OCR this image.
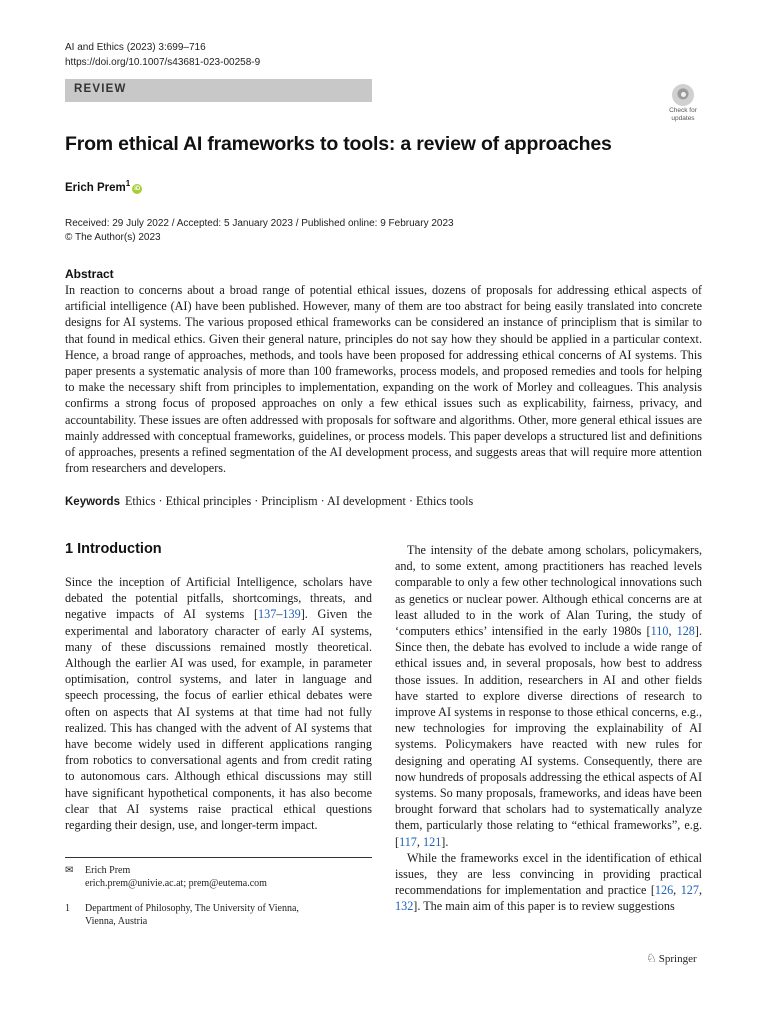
AI and Ethics (2023) 3:699–716
https://doi.org/10.1007/s43681-023-00258-9
REVIEW
Check for
updates
From ethical AI frameworks to tools: a review of approaches
Erich Prem$^1$iD
Received: 29 July 2022 / Accepted: 5 January 2023 / Published online: 9 February 2023
© The Author(s) 2023
Abstract
In reaction to concerns about a broad range of potential ethical issues, dozens of proposals for addressing ethical aspects of artificial intelligence (AI) have been published. However, many of them are too abstract for being easily translated into concrete designs for AI systems. The various proposed ethical frameworks can be considered an instance of principlism that is similar to that found in medical ethics. Given their general nature, principles do not say how they should be applied in a particular context. Hence, a broad range of approaches, methods, and tools have been proposed for addressing ethical concerns of AI systems. This paper presents a systematic analysis of more than 100 frameworks, process models, and proposed remedies and tools for helping to make the necessary shift from principles to implementation, expanding on the work of Morley and colleagues. This analysis confirms a strong focus of proposed approaches on only a few ethical issues such as explicability, fairness, privacy, and accountability. These issues are often addressed with proposals for software and algorithms. Other, more general ethical issues are mainly addressed with conceptual frameworks, guidelines, or process models. This paper develops a structured list and definitions of approaches, presents a refined segmentation of the AI development process, and suggests areas that will require more attention from researchers and developers.
Keywords Ethics · Ethical principles · Principlism · AI development · Ethics tools
1 Introduction

Since the inception of Artificial Intelligence, scholars have debated the potential pitfalls, shortcomings, threats, and negative impacts of AI systems [137–139]. Given the experimental and laboratory character of early AI systems, many of these discussions remained mostly theoretical. Although the earlier AI was used, for example, in parameter optimisation, control systems, and later in language and speech processing, the focus of earlier ethical debates were often on aspects that AI systems at that time had not fully realized. This has changed with the advent of AI systems that have become widely used in different applications ranging from robotics to conversational agents and from credit rating to autonomous cars. Although ethical discussions may still have significant hypothetical components, it has also become clear that AI systems raise practical ethical questions regarding their design, use, and longer-term impact.

The intensity of the debate among scholars, policymakers, and, to some extent, among practitioners has reached levels comparable to only a few other technological innovations such as genetics or nuclear power. Although ethical concerns are at least alluded to in the work of Alan Turing, the study of ‘computers ethics’ intensified in the early 1980s [110, 128]. Since then, the debate has evolved to include a wide range of ethical issues and, in several proposals, how best to address those issues. In addition, researchers in AI and other fields have started to explore diverse directions of research to improve AI systems in response to those ethical concerns, e.g., new technologies for improving the explainability of AI systems. Policymakers have reacted with new rules for designing and operating AI systems. Consequently, there are now hundreds of proposals addressing the ethical aspects of AI systems. So many proposals, frameworks, and ideas have been brought forward that scholars had to systematically analyze them, particularly those relating to “ethical frameworks”, e.g. [117, 121].

While the frameworks excel in the identification of ethical issues, they are less convincing in providing practical recommendations for implementation and practice [126, 127, 132]. The main aim of this paper is to review suggestions

✉ Erich Prem
erich.prem@univie.ac.at; prem@eutema.com
1 Department of Philosophy, The University of Vienna,
Vienna, Austria
♘ Springer
